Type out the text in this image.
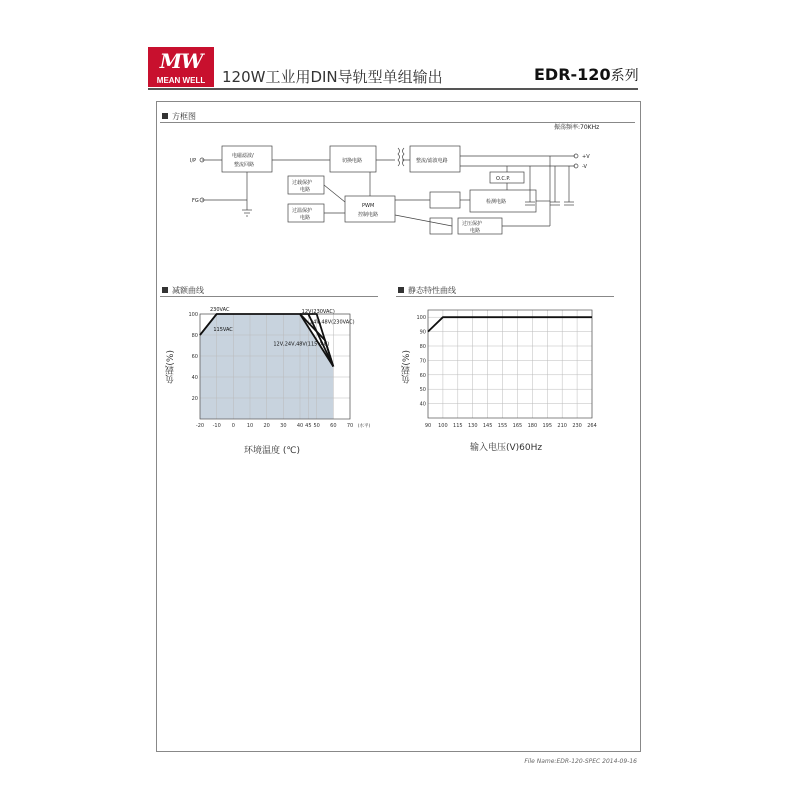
MW
MEAN WELL	120W工业用DIN导轨型单组输出	EDR-120系列
方框图
振荡频率:70KHz
I/P
FG
电磁滤波/
整流回路
切换电路	整流/滤波电路
O.C.P.
检测电路
过载保护
电路
过温保护
电路
PWM
控制电路
过压保护
电路
+V
-V
减额曲线
20
40
60
80
100
-20 -10 0 10 20 30 40 45 50 60 70 (水平)
230VAC
115VAC
12V(230VAC)
24V,48V(230VAC)
12V,24V,48V(115VAC)
负载(%)
环境温度 (℃)
静态特性曲线
40
50
60
70
80
90
100
90 100 115 130 145 155 165 180 195 210 230 264
负载(%)
输入电压(V)60Hz
File Name:EDR-120-SPEC 2014-09-16
